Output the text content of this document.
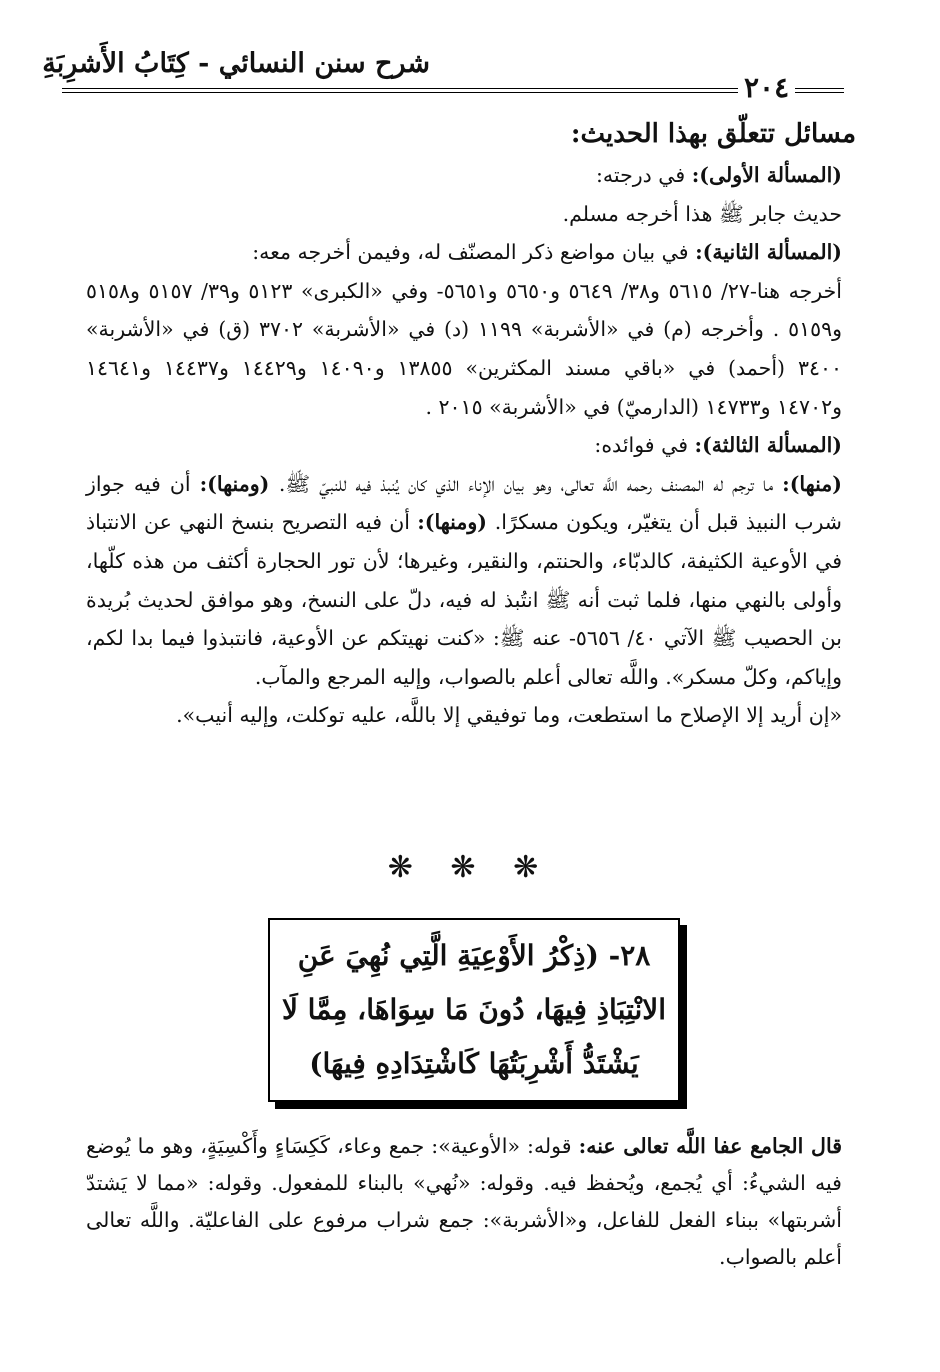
شرح سنن النسائي - كِتَابُ الأَشرِبَةِ
٢٠٤

مسائل تتعلّق بهذا الحديث:

(المسألة الأولى): في درجته:

حديث جابر ﷺ هذا أخرجه مسلم.

(المسألة الثانية): في بيان مواضع ذكر المصنّف له، وفيمن أخرجه معه:

أخرجه هنا-٢٧/ ٥٦١٥ و٣٨/ ٥٦٤٩ و٥٦٥٠ و٥٦٥١- وفي «الكبرى» ٥١٢٣ و٣٩/ ٥١٥٧ و٥١٥٨ و٥١٥٩ . وأخرجه (م) في «الأشربة» ١١٩٩ (د) في «الأشربة» ٣٧٠٢ (ق) في «الأشربة» ٣٤٠٠ (أحمد) في «باقي مسند المكثرين» ١٣٨٥٥ و١٤٠٩٠ و١٤٤٢٩ و١٤٤٣٧ و١٤٦٤١ و١٤٧٠٢ و١٤٧٣٣ (الدارميّ) في «الأشربة» ٢٠١٥ .

(المسألة الثالثة): في فوائده:

(منها): ما ترجم له المصنف رحمه اللَّه تعالى، وهو بيان الإناء الذي كان يُنبذ فيه للنبيّ ﷺ. (ومنها): أن فيه جواز شرب النبيذ قبل أن يتغيّر، ويكون مسكرًا. (ومنها): أن فيه التصريح بنسخ النهي عن الانتباذ في الأوعية الكثيفة، كالدبّاء، والحنتم، والنقير، وغيرها؛ لأن تور الحجارة أكثف من هذه كلّها، وأولى بالنهي منها، فلما ثبت أنه ﷺ انتُبذ له فيه، دلّ على النسخ، وهو موافق لحديث بُريدة بن الحصيب ﷺ الآتي ٤٠/ ٥٦٥٦- عنه ﷺ: «كنت نهيتكم عن الأوعية، فانتبذوا فيما بدا لكم، وإياكم، وكلّ مسكر». واللَّه تعالى أعلم بالصواب، وإليه المرجع والمآب.

«إن أريد إلا الإصلاح ما استطعت، وما توفيقي إلا باللَّه، عليه توكلت، وإليه أنيب».

❋ ❋ ❋
٢٨- (ذِكْرُ الأَوْعِيَةِ الَّتِي نُهِيَ عَنِ الانْتِبَاذِ فِيهَا، دُونَ مَا سِوَاهَا، مِمَّا لَا يَشْتَدُّ أَشْرِبَتُهَا كَاشْتِدَادِهِ فِيهَا)

قال الجامع عفا اللَّه تعالى عنه: قوله: «الأوعية»: جمع وعاء، كَكِسَاءٍ وأَكْسِيَةٍ، وهو ما يُوضع فيه الشيءُ: أي يُجمع، ويُحفظ فيه. وقوله: «نُهي» بالبناء للمفعول. وقوله: «مما لا يَشتدّ أشربتها» ببناء الفعل للفاعل، و«الأشربة»: جمع شراب مرفوع على الفاعليّة. واللَّه تعالى أعلم بالصواب.
